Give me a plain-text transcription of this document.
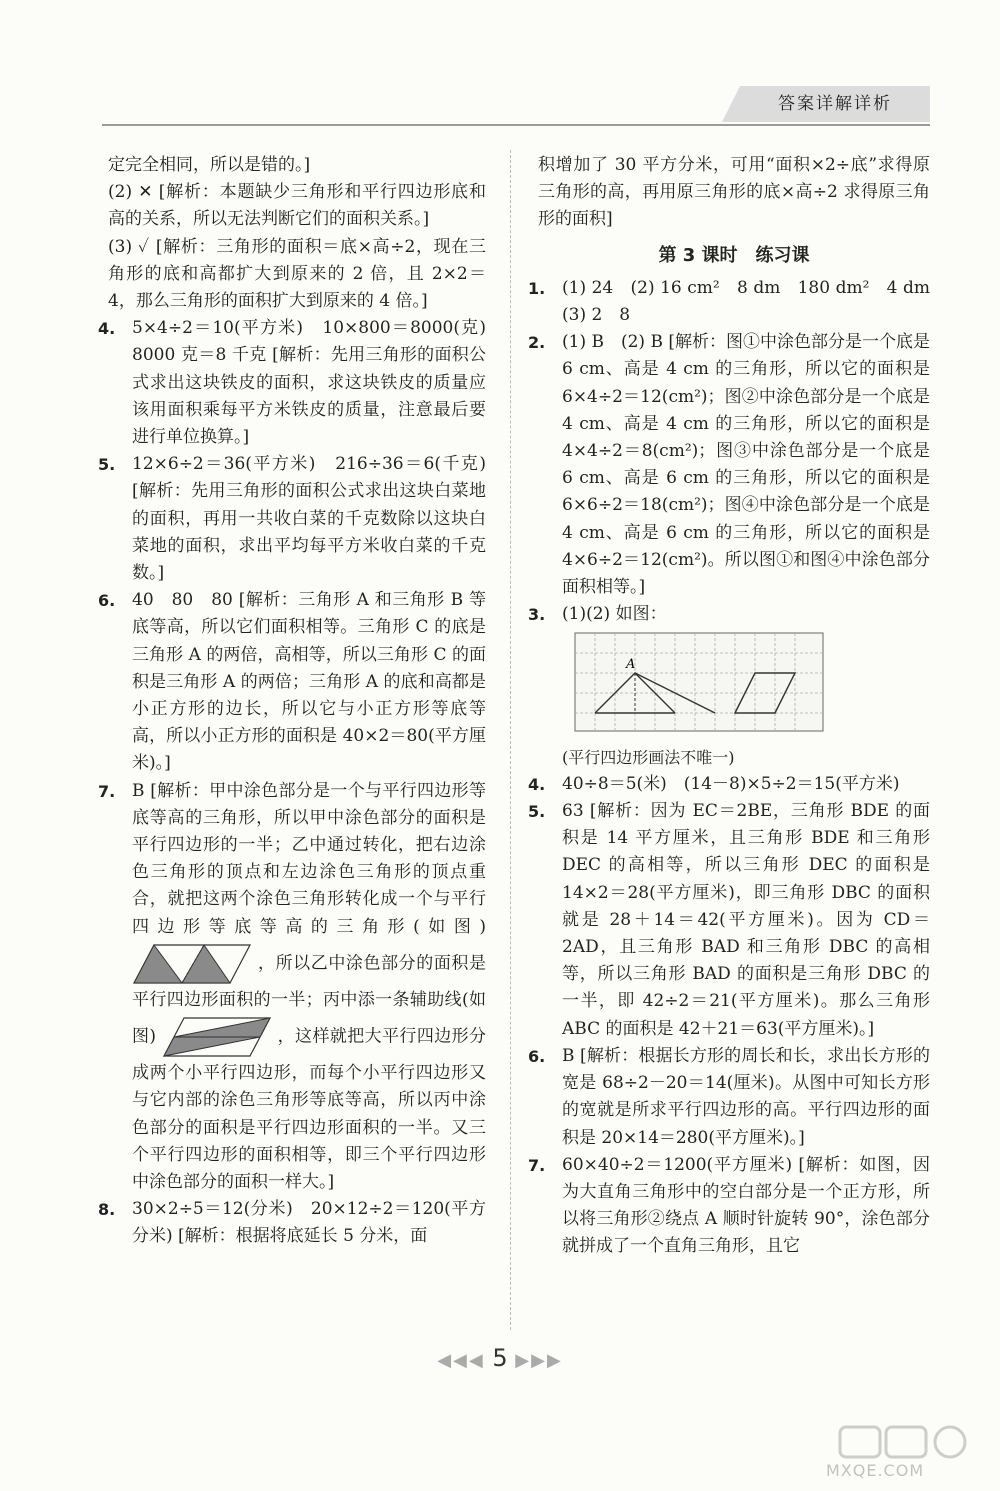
答案详解详析

定完全相同，所以是错的。]

(2) ✕ [解析：本题缺少三角形和平行四边形底和高的关系，所以无法判断它们的面积关系。]

(3) ✓ [解析：三角形的面积＝底×高÷2，现在三角形的底和高都扩大到原来的 2 倍，且 2×2＝4，那么三角形的面积扩大到原来的 4 倍。]

4. 5×4÷2＝10(平方米)　10×800＝8000(克)　8000 克＝8 千克 [解析：先用三角形的面积公式求出这块铁皮的面积，求这块铁皮的质量应该用面积乘每平方米铁皮的质量，注意最后要进行单位换算。]

5. 12×6÷2＝36(平方米)　216÷36＝6(千克) [解析：先用三角形的面积公式求出这块白菜地的面积，再用一共收白菜的千克数除以这块白菜地的面积，求出平均每平方米收白菜的千克数。]

6. 40　80　80 [解析：三角形 A 和三角形 B 等底等高，所以它们面积相等。三角形 C 的底是三角形 A 的两倍，高相等，所以三角形 C 的面积是三角形 A 的两倍；三角形 A 的底和高都是小正方形的边长，所以它与小正方形等底等高，所以小正方形的面积是 40×2＝80(平方厘米)。]

7. B [解析：甲中涂色部分是一个与平行四边形等底等高的三角形，所以甲中涂色部分的面积是平行四边形的一半；乙中通过转化，把右边涂色三角形的顶点和左边涂色三角形的顶点重合，就把这两个涂色三角形转化成一个与平行四边形等底等高的三角形(如图)  ，所以乙中涂色部分的面积是平行四边形面积的一半；丙中添一条辅助线(如图)	，这样就把大平行四边形分成两个小平行四边形，而每个小平行四边形又与它内部的涂色三角形等底等高，所以丙中涂色部分的面积是平行四边形面积的一半。又三个平行四边形的面积相等，即三个平行四边形中涂色部分的面积一样大。]

8. 30×2÷5＝12(分米)　20×12÷2＝120(平方分米) [解析：根据将底延长 5 分米，面

积增加了 30 平方分米，可用“面积×2÷底”求得原三角形的高，再用原三角形的底×高÷2 求得原三角形的面积]

第 3 课时　练习课
1. (1) 24　(2) 16 cm²　8 dm　180 dm²　4 dm　(3) 2　8

2. (1) B　(2) B [解析：图①中涂色部分是一个底是 6 cm、高是 4 cm 的三角形，所以它的面积是 6×4÷2＝12(cm²)；图②中涂色部分是一个底是 4 cm、高是 4 cm 的三角形，所以它的面积是 4×4÷2＝8(cm²)；图③中涂色部分是一个底是 6 cm、高是 6 cm 的三角形，所以它的面积是 6×6÷2＝18(cm²)；图④中涂色部分是一个底是 4 cm、高是 6 cm 的三角形，所以它的面积是 4×6÷2＝12(cm²)。所以图①和图④中涂色部分面积相等。]

3. (1)(2) 如图：

A

(平行四边形画法不唯一)

4. 40÷8＝5(米)　(14－8)×5÷2＝15(平方米)

5. 63 [解析：因为 EC＝2BE，三角形 BDE 的面积是 14 平方厘米，且三角形 BDE 和三角形 DEC 的高相等，所以三角形 DEC 的面积是 14×2＝28(平方厘米)，即三角形 DBC 的面积就是 28＋14＝42(平方厘米)。因为 CD＝2AD，且三角形 BAD 和三角形 DBC 的高相等，所以三角形 BAD 的面积是三角形 DBC 的一半，即 42÷2＝21(平方厘米)。那么三角形 ABC 的面积是 42＋21＝63(平方厘米)。]

6. B [解析：根据长方形的周长和长，求出长方形的宽是 68÷2－20＝14(厘米)。从图中可知长方形的宽就是所求平行四边形的高。平行四边形的面积是 20×14＝280(平方厘米)。]

7. 60×40÷2＝1200(平方厘米) [解析：如图，因为大直角三角形中的空白部分是一个正方形，所以将三角形②绕点 A 顺时针旋转 90°，涂色部分就拼成了一个直角三角形，且它

◀◀◀ 5 ▶▶▶
MXQE.COM
